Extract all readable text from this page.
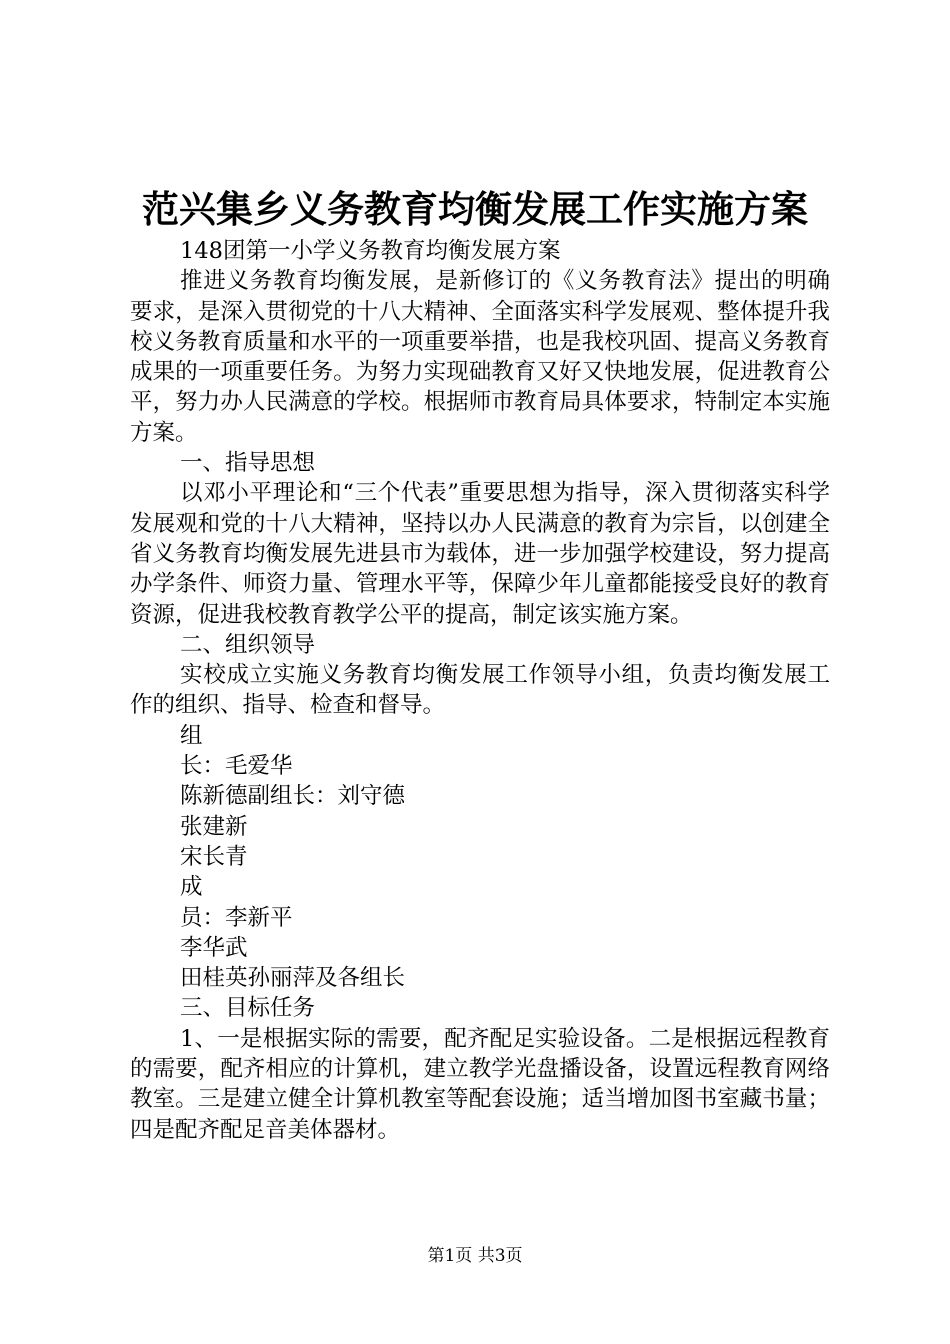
范兴集乡义务教育均衡发展工作实施方案

148团第一小学义务教育均衡发展方案

推进义务教育均衡发展，是新修订的《义务教育法》提出的明确要求，是深入贯彻党的十八大精神、全面落实科学发展观、整体提升我校义务教育质量和水平的一项重要举措，也是我校巩固、提高义务教育成果的一项重要任务。为努力实现础教育又好又快地发展，促进教育公平，努力办人民满意的学校。根据师市教育局具体要求，特制定本实施方案。

一、指导思想

以邓小平理论和“三个代表”重要思想为指导，深入贯彻落实科学发展观和党的十八大精神，坚持以办人民满意的教育为宗旨，以创建全省义务教育均衡发展先进县市为载体，进一步加强学校建设，努力提高办学条件、师资力量、管理水平等，保障少年儿童都能接受良好的教育资源，促进我校教育教学公平的提高，制定该实施方案。

二、组织领导

实校成立实施义务教育均衡发展工作领导小组，负责均衡发展工作的组织、指导、检查和督导。

组

长：毛爱华

陈新德副组长：刘守德

张建新

宋长青

成

员：李新平

李华武

田桂英孙丽萍及各组长

三、目标任务

1、一是根据实际的需要，配齐配足实验设备。二是根据远程教育的需要，配齐相应的计算机，建立教学光盘播设备，设置远程教育网络教室。三是建立健全计算机教室等配套设施；适当增加图书室藏书量；四是配齐配足音美体器材。

第1页 共3页
